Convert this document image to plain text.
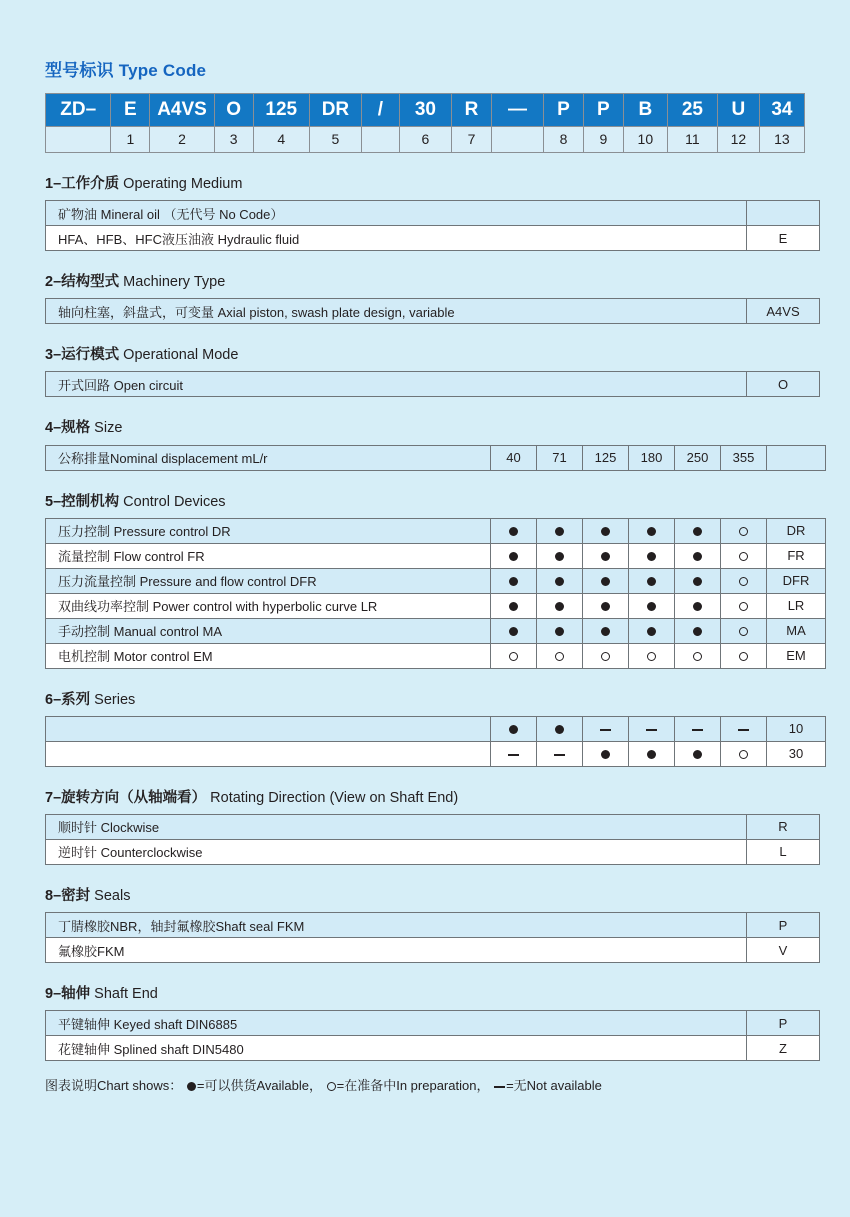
型号标识 Type Code
ZD–	E	A4VS	O	125	DR	/	30	R	—	P	P	B	25	U	34
	1	2	3	4	5		6	7		8	9	10	11	12	13
1–工作介质 Operating Medium
矿物油 Mineral oil （无代号 No Code）	
HFA、HFB、HFC液压油液 Hydraulic fluid	E
2–结构型式 Machinery Type
轴向柱塞，斜盘式，可变量 Axial piston, swash plate design, variable	A4VS
3–运行模式 Operational Mode
开式回路 Open circuit	O
4–规格 Size
公称排量Nominal displacement mL/r	40	71	125	180	250	355	
5–控制机构 Control Devices
压力控制 Pressure control DR							DR
流量控制 Flow control FR							FR
压力流量控制 Pressure and flow control DFR							DFR
双曲线功率控制 Power control with hyperbolic curve LR							LR
手动控制 Manual control MA							MA
电机控制 Motor control EM							EM
6–系列 Series
							10
							30
7–旋转方向（从轴端看） Rotating Direction (View on Shaft End)
顺时针 Clockwise	R
逆时针 Counterclockwise	L
8–密封 Seals
丁腈橡胶NBR，轴封氟橡胶Shaft seal FKM	P
氟橡胶FKM	V
9–轴伸 Shaft End
平键轴伸 Keyed shaft DIN6885	P
花键轴伸 Splined shaft DIN5480	Z
图表说明Chart shows： =可以供货Available， =在准备中In preparation， =无Not available
